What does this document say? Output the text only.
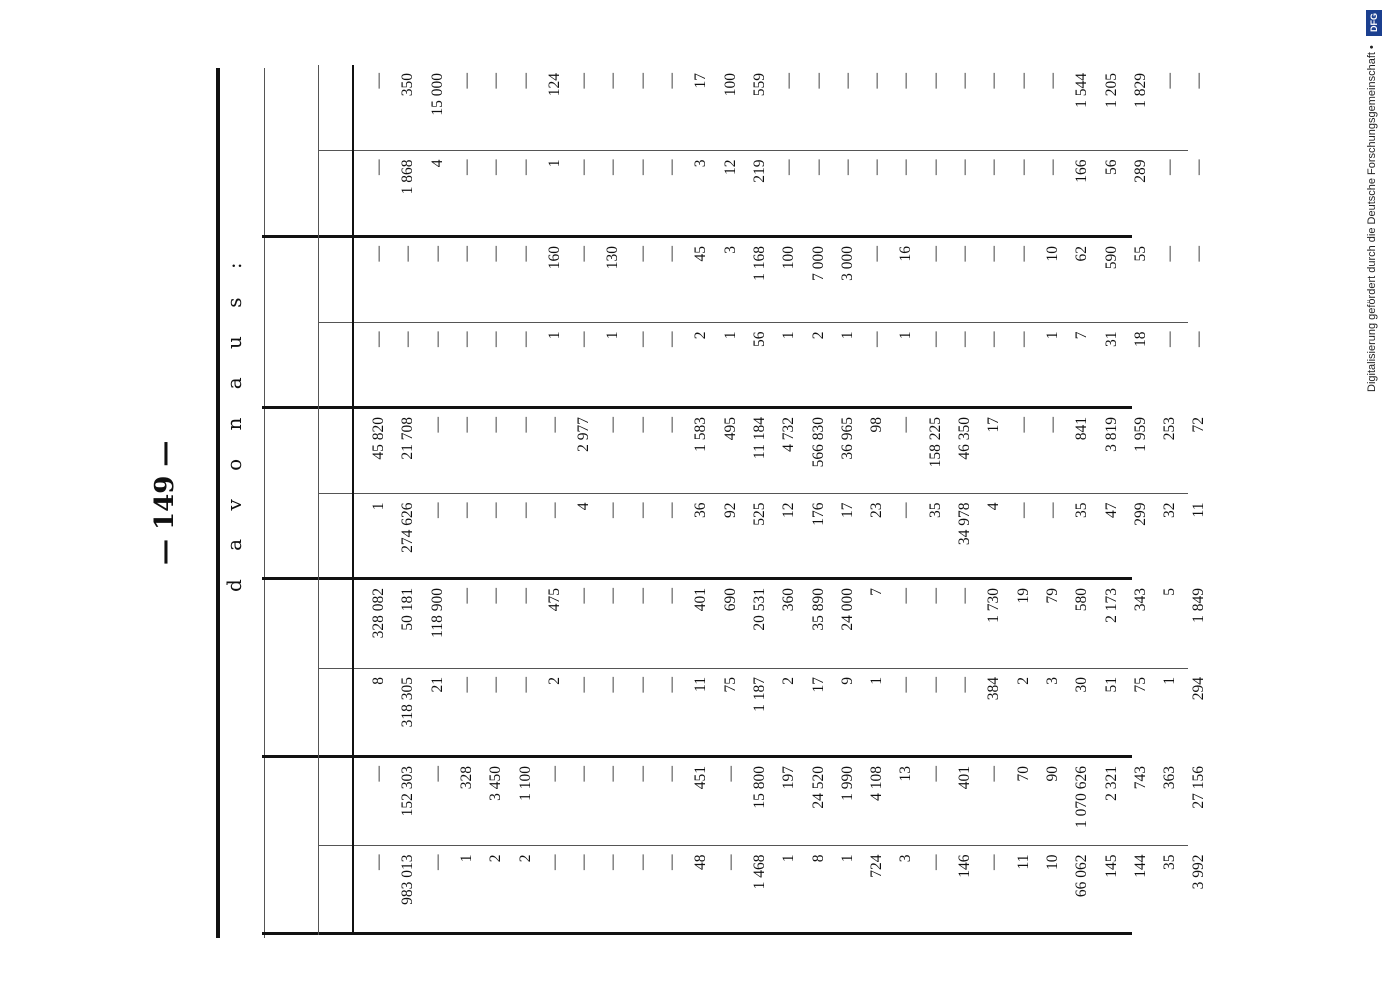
— 149 — d a v o n a u s :
—
—
8
328 082
1
45 820
—
—
—
—
983 013
152 303
318 305
50 181
274 626
21 708
—
—
1 868
350
—
—
21
118 900
—
—
—
—
4
15 000
1
328
—
—
—
—
—
—
—
—
2
3 450
—
—
—
—
—
—
—
—
2
1 100
—
—
—
—
—
—
—
—
—
—
2
475
—
—
1
160
1
124
—
—
—
—
4
2 977
—
—
—
—
—
—
—
—
—
—
1
130
—
—
—
—
—
—
—
—
—
—
—
—
—
—
—
—
—
—
—
—
—
—
48
451
11
401
36
1 583
2
45
3
17
—
—
75
690
92
495
1
3
12
100
1 468
15 800
1 187
20 531
525
11 184
56
1 168
219
559
1
197
2
360
12
4 732
1
100
—
—
8
24 520
17
35 890
176
566 830
2
7 000
—
—
1
1 990
9
24 000
17
36 965
1
3 000
—
—
724
4 108
1
7
23
98
—
—
—
—
3
13
—
—
—
—
1
16
—
—
—
—
—
—
35
158 225
—
—
—
—
146
401
—
—
34 978
46 350
—
—
—
—
—
—
384
1 730
4
17
—
—
—
—
11
70
2
19
—
—
—
—
—
—
10
90
3
79
—
—
1
10
—
—
66 062
1 070 626
30
580
35
841
7
62
166
1 544
145
2 321
51
2 173
47
3 819
31
590
56
1 205
144
743
75
343
299
1 959
18
55
289
1 829
35
363
1
5
32
253
—
—
—
—
3 992
27 156
294
1 849
11
72
—
—
—
—	Digitalisierung gefördert durch die Deutsche Forschungsgemeinschaft •
DFG
